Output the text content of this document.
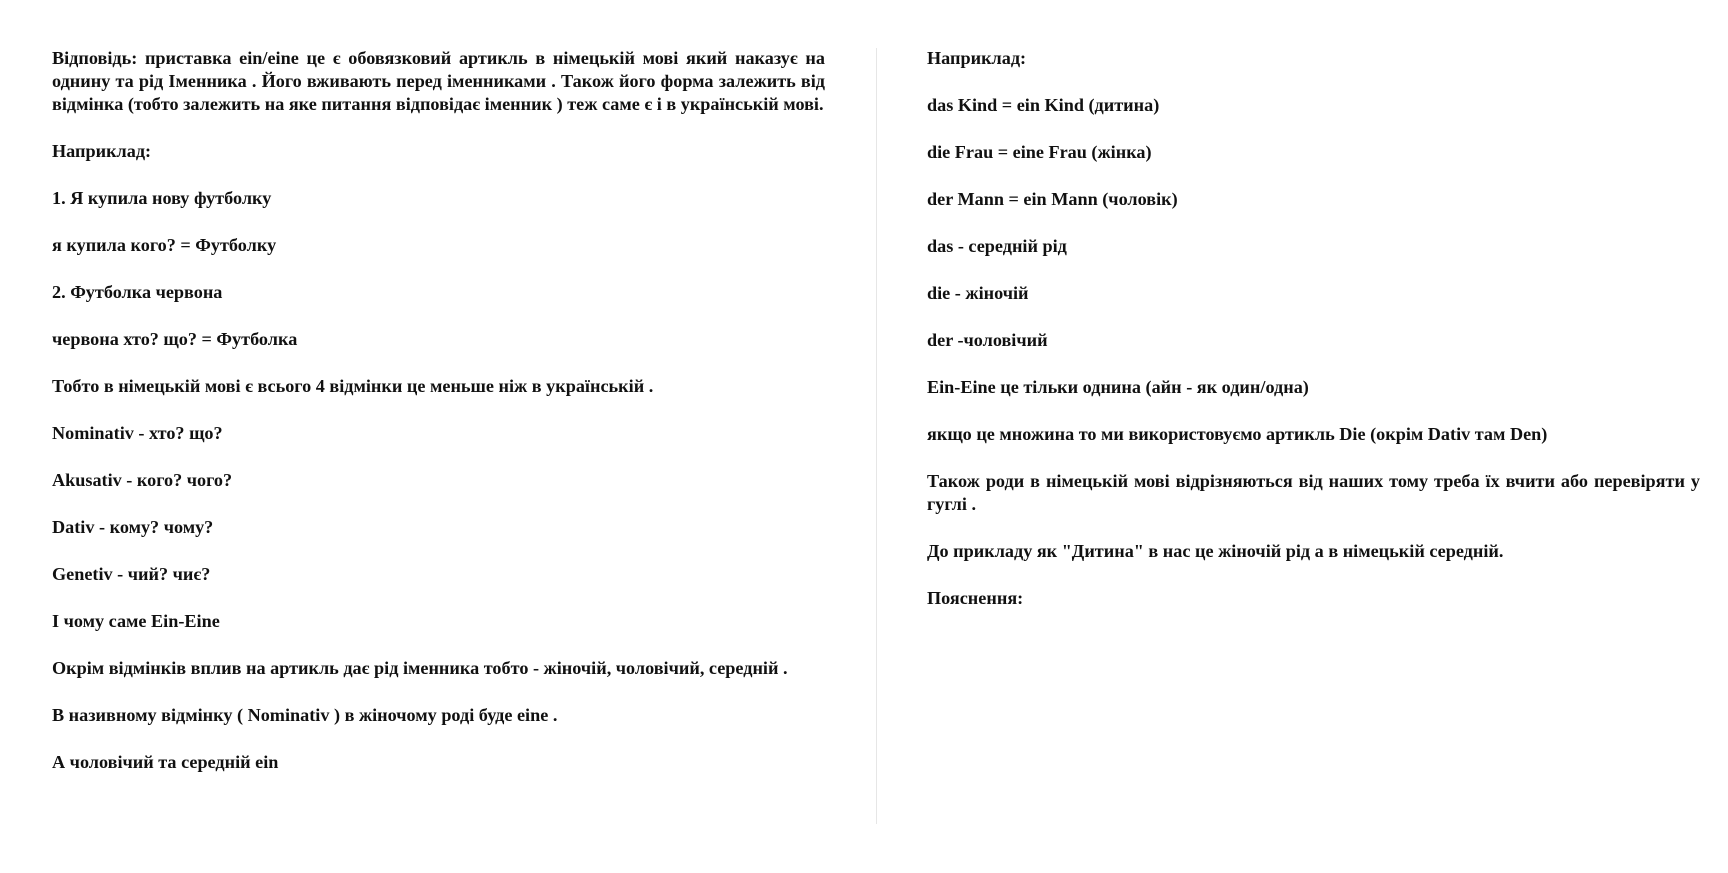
Відповідь: приставка ein/eine це є обовязковий артикль в німецькій мові який наказує на однину та рід Іменника . Його вживають перед іменниками . Також його форма залежить від відмінка (тобто залежить на яке питання відповідає іменник ) теж саме є і в українській мові.

Наприклад:

1. Я купила нову футболку

я купила кого? = Футболку

2. Футболка червона

червона хто? що? = Футболка

Тобто в німецькій мові є всього 4 відмінки це меньше ніж в українській .

Nominativ - хто? що?

Akusativ - кого? чого?

Dativ - кому? чому?

Genetiv - чий? чиє?

І чому саме Ein-Eine

Окрім відмінків вплив на артикль дає рід іменника тобто - жіночій, чоловічий, середній .

В називному відмінку ( Nominativ ) в жіночому роді буде eine .

А чоловічий та середній ein

Наприклад:

das Kind = ein Kind (дитина)

die Frau = eine Frau (жінка)

der Mann = ein Mann (чоловік)

das - середній рід

die - жіночій

der -чоловічий

Ein-Eine це тільки однина (айн - як один/одна)

якщо це множина то ми використовуємо артикль Die (окрім Dativ там Den)

Також роди в німецькій мові відрізняються від наших тому треба їх вчити або перевіряти у гуглі .

До прикладу як "Дитина" в нас це жіночій рід а в німецькій середній.

Пояснення:
